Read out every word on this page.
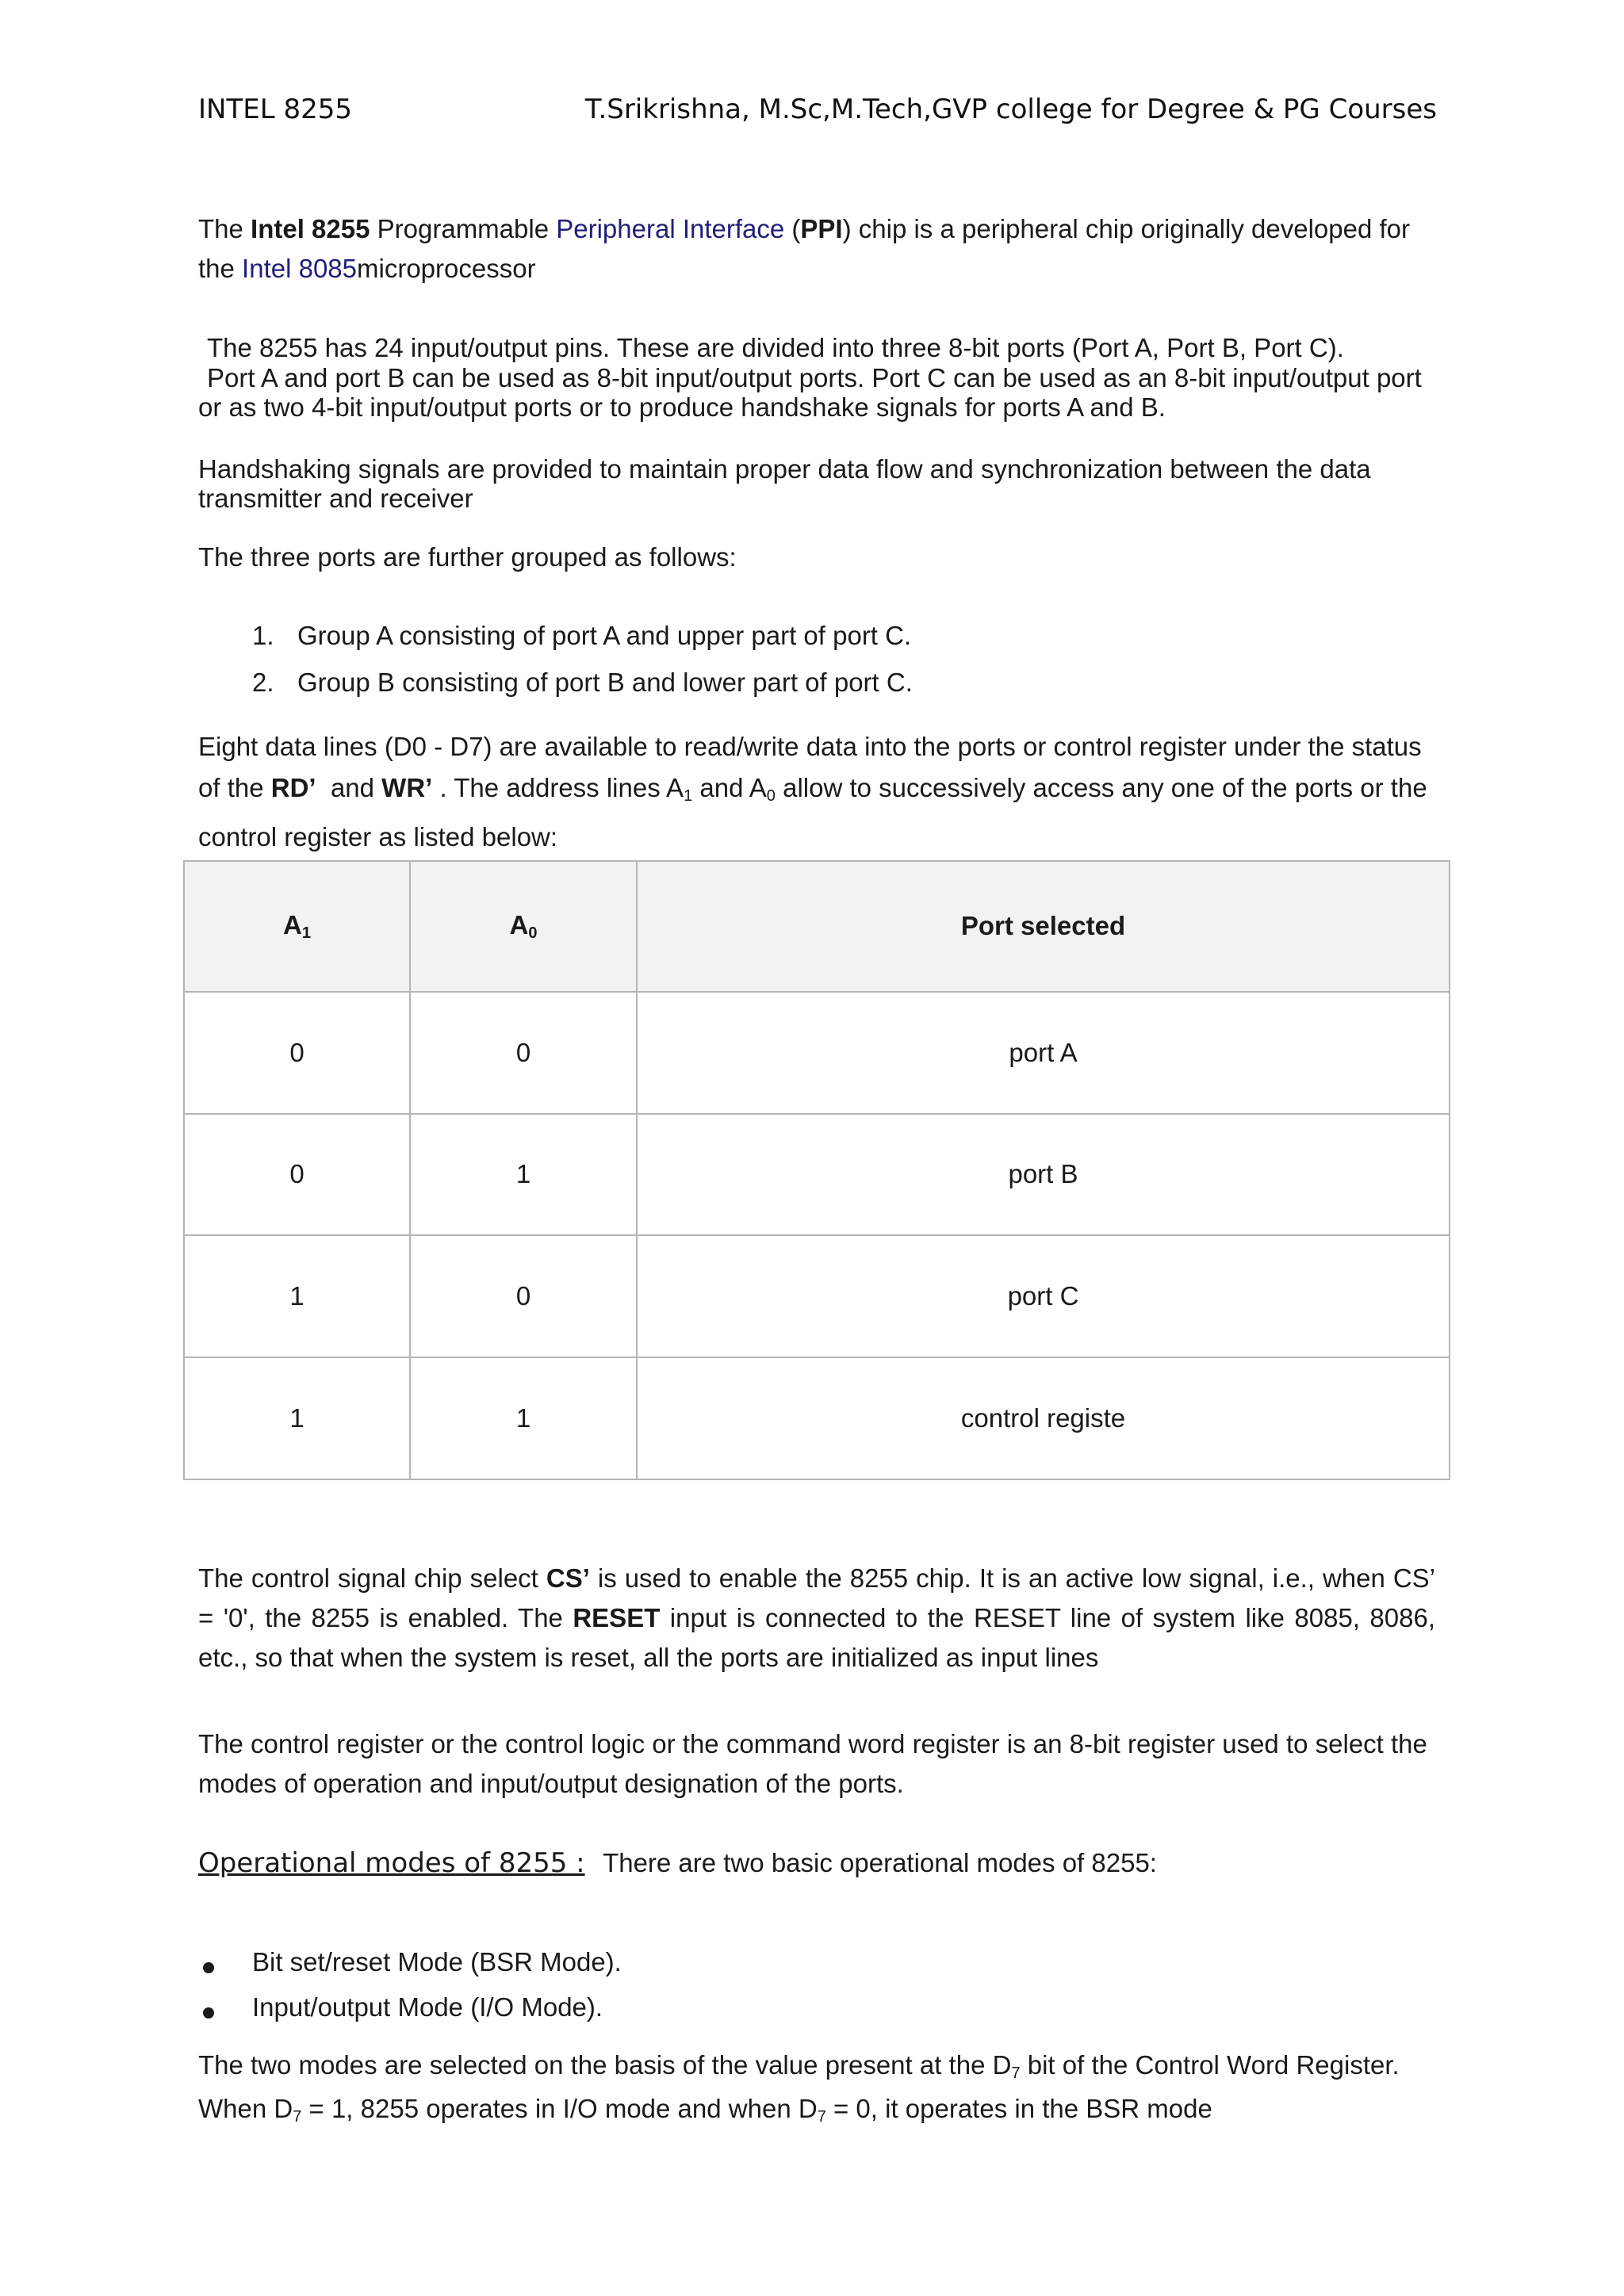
INTEL 8255	T.Srikrishna, M.Sc,M.Tech,GVP college for Degree & PG Courses
The Intel 8255 Programmable Peripheral Interface (PPI) chip is a peripheral chip originally developed for the Intel 8085microprocessor
The 8255 has 24 input/output pins. These are divided into three 8-bit ports (Port A, Port B, Port C).
Port A and port B can be used as 8-bit input/output ports. Port C can be used as an 8-bit input/output port
or as two 4-bit input/output ports or to produce handshake signals for ports A and B.
Handshaking signals are provided to maintain proper data flow and synchronization between the data
transmitter and receiver
The three ports are further grouped as follows:
1. Group A consisting of port A and upper part of port C.
2. Group B consisting of port B and lower part of port C.
Eight data lines (D0 - D7) are available to read/write data into the ports or control register under the status of the RD’ and WR’ . The address lines $A_1$ and $A_0$ allow to successively access any one of the ports or the control register as listed below:
$A_1$	$A_0$	Port selected
0	0	port A
0	1	port B
1	0	port C
1	1	control registe
The control signal chip select CS’ is used to enable the 8255 chip. It is an active low signal, i.e., when CS’ = '0', the 8255 is enabled. The RESET input is connected to the RESET line of system like 8085, 8086, etc., so that when the system is reset, all the ports are initialized as input lines
The control register or the control logic or the command word register is an 8-bit register used to select the modes of operation and input/output designation of the ports.
Operational modes of 8255 : There are two basic operational modes of 8255:
Bit set/reset Mode (BSR Mode).
Input/output Mode (I/O Mode).
The two modes are selected on the basis of the value present at the $D_7$ bit of the Control Word Register.
When $D_7 = 1$, 8255 operates in I/O mode and when $D_7 = 0$, it operates in the BSR mode
